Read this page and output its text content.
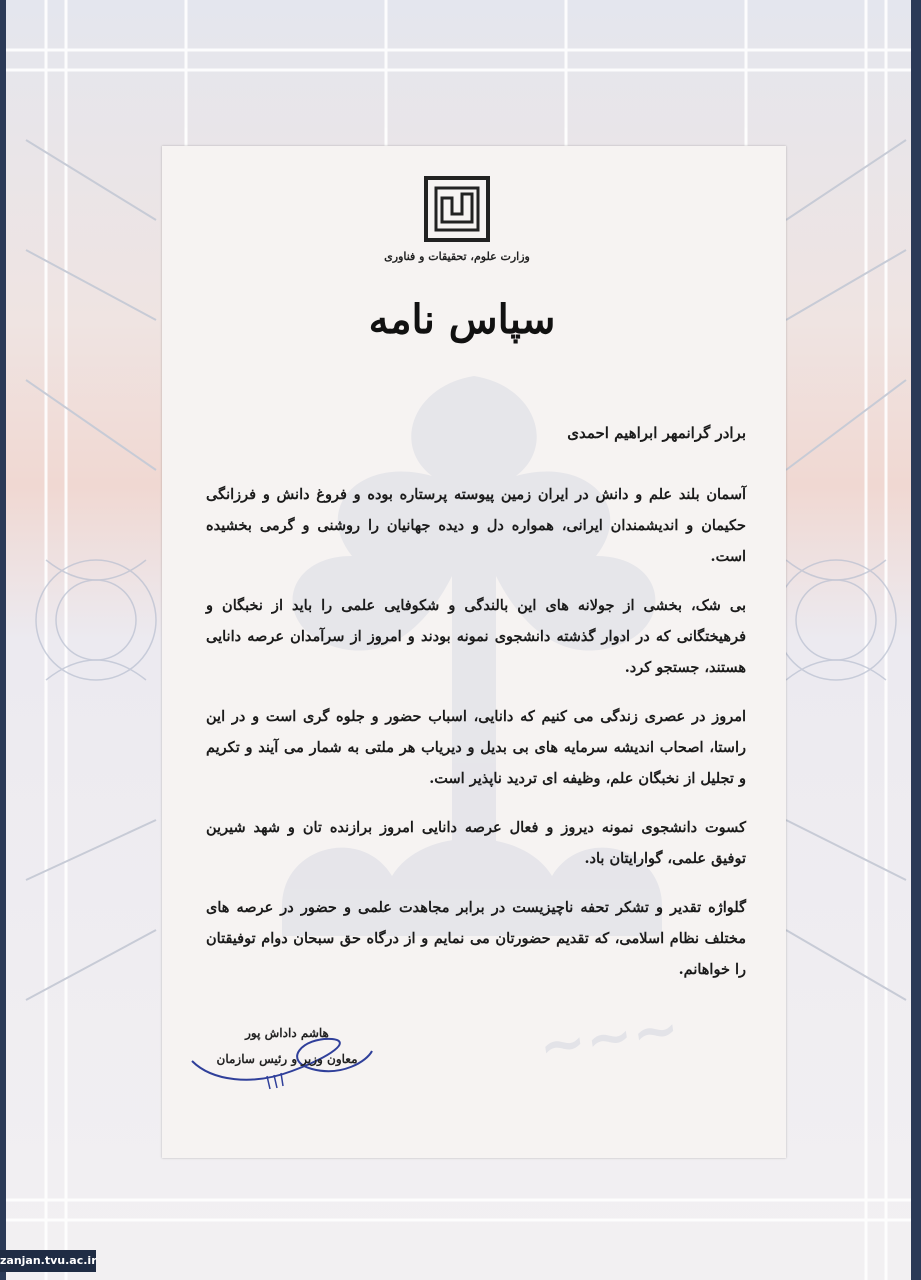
~~~
وزارت علوم، تحقیقات و فناوری
سپاس نامه

برادر گرانمهر ابراهیم احمدی

آسمان بلند علم و دانش در ایران زمین پیوسته پرستاره بوده و فروغ دانش و فرزانگی حکیمان و اندیشمندان ایرانی، همواره دل و دیده جهانیان را روشنی و گرمی بخشیده است.

بی شک، بخشی از جولانه های این بالندگی و شکوفایی علمی را باید از نخبگان و فرهیختگانی که در ادوار گذشته دانشجوی نمونه بودند و امروز از سرآمدان عرصه دانایی هستند، جستجو کرد.

امروز در عصری زندگی می کنیم که دانایی، اسباب حضور و جلوه گری است و در این راستا، اصحاب اندیشه سرمایه های بی بدیل و دیریاب هر ملتی به شمار می آیند و تکریم و تجلیل از نخبگان علم، وظیفه ای تردید ناپذیر است.

کسوت دانشجوی نمونه دیروز و فعال عرصه دانایی امروز برازنده تان و شهد شیرین توفیق علمی، گوارایتان باد.

گلواژه تقدیر و تشکر تحفه ناچیزیست در برابر مجاهدت علمی و حضور در عرصه های مختلف نظام اسلامی، که تقدیم حضورتان می نمایم و از درگاه حق سبحان دوام توفیقتان را خواهانم.

هاشم داداش پور
معاون وزیر و رئیس سازمان
zanjan.tvu.ac.ir
